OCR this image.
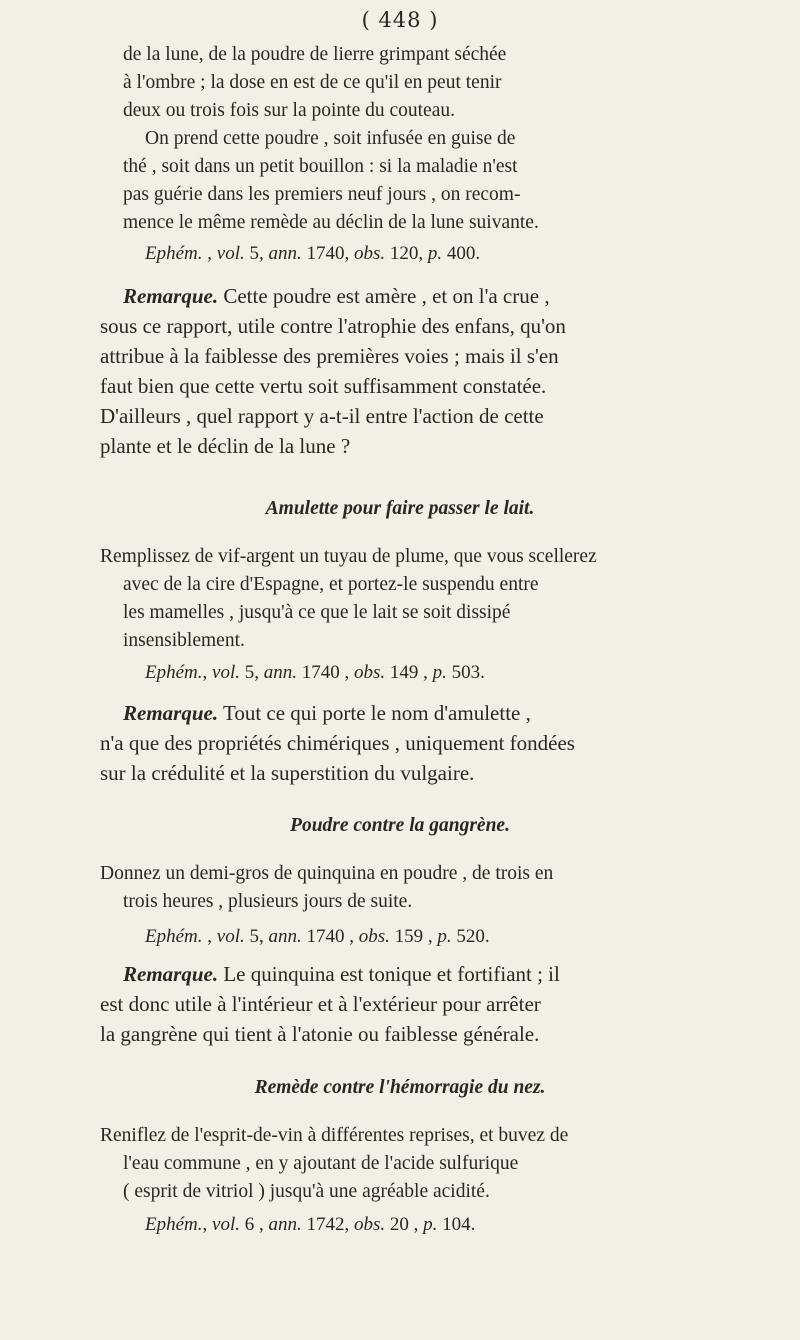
( 448 )
de la lune, de la poudre de lierre grimpant séchée
à l'ombre ; la dose en est de ce qu'il en peut tenir
deux ou trois fois sur la pointe du couteau.
On prend cette poudre , soit infusée en guise de
thé , soit dans un petit bouillon : si la maladie n'est
pas guérie dans les premiers neuf jours , on recom-
mence le même remède au déclin de la lune suivante.
Ephém. , vol. 5, ann. 1740, obs. 120, p. 400.
Remarque. Cette poudre est amère , et on l'a crue ,
sous ce rapport, utile contre l'atrophie des enfans, qu'on
attribue à la faiblesse des premières voies ; mais il s'en
faut bien que cette vertu soit suffisamment constatée.
D'ailleurs , quel rapport y a-t-il entre l'action de cette
plante et le déclin de la lune ?
Amulette pour faire passer le lait.
Remplissez de vif-argent un tuyau de plume, que vous scellerez
avec de la cire d'Espagne, et portez-le suspendu entre
les mamelles , jusqu'à ce que le lait se soit dissipé
insensiblement.
Ephém., vol. 5, ann. 1740 , obs. 149 , p. 503.
Remarque. Tout ce qui porte le nom d'amulette ,
n'a que des propriétés chimériques , uniquement fondées
sur la crédulité et la superstition du vulgaire.
Poudre contre la gangrène.
Donnez un demi-gros de quinquina en poudre , de trois en
trois heures , plusieurs jours de suite.
Ephém. , vol. 5, ann. 1740 , obs. 159 , p. 520.
Remarque. Le quinquina est tonique et fortifiant ; il
est donc utile à l'intérieur et à l'extérieur pour arrêter
la gangrène qui tient à l'atonie ou faiblesse générale.
Remède contre l'hémorragie du nez.
Reniflez de l'esprit-de-vin à différentes reprises, et buvez de
l'eau commune , en y ajoutant de l'acide sulfurique
( esprit de vitriol ) jusqu'à une agréable acidité.
Ephém., vol. 6 , ann. 1742, obs. 20 , p. 104.
